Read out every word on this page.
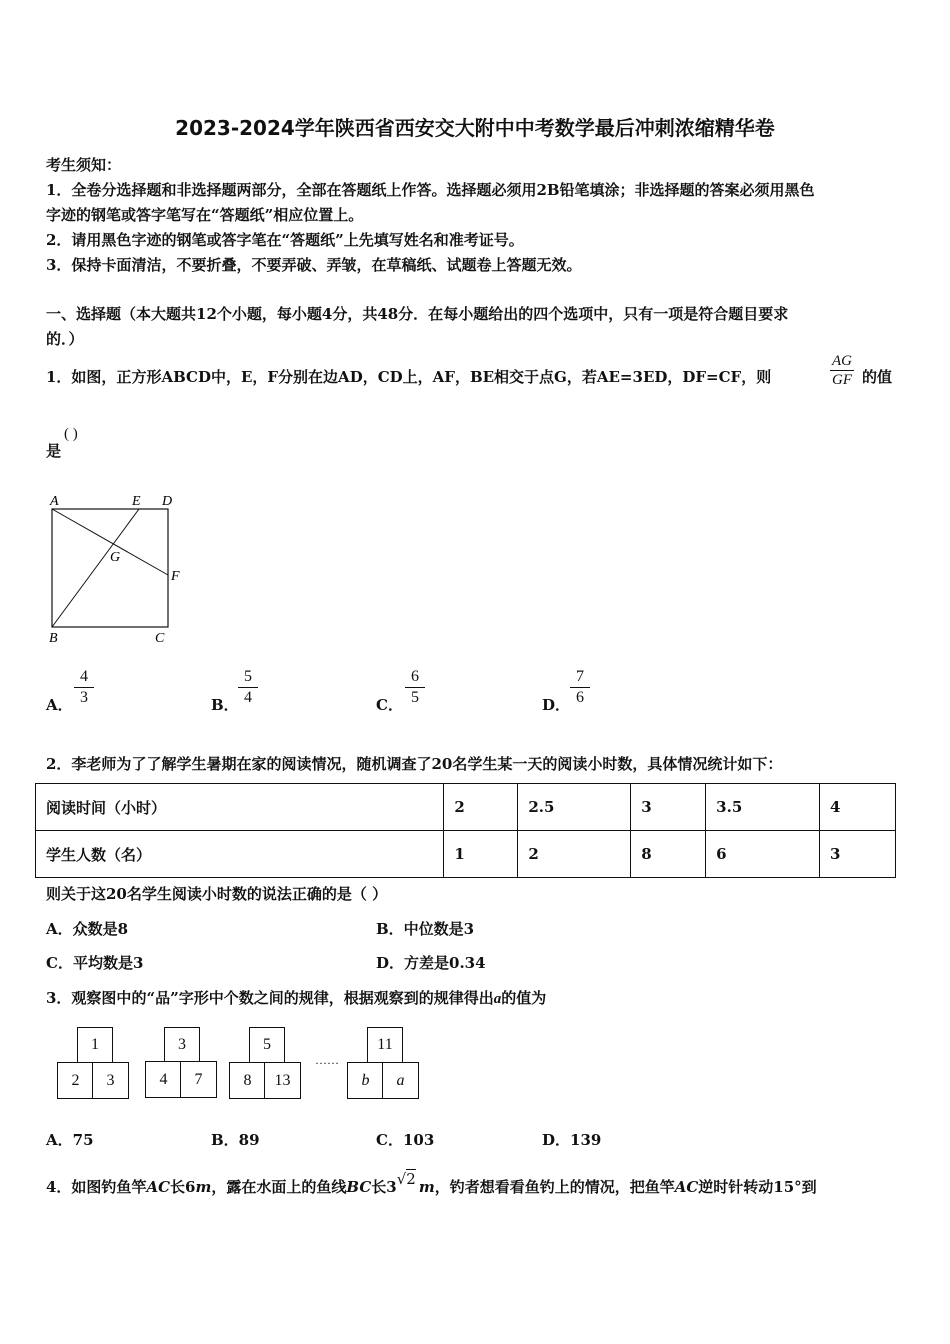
2023-2024学年陕西省西安交大附中中考数学最后冲刺浓缩精华卷
考生须知：
1．全卷分选择题和非选择题两部分，全部在答题纸上作答。选择题必须用2B铅笔填涂；非选择题的答案必须用黑色
字迹的钢笔或答字笔写在“答题纸”相应位置上。
2．请用黑色字迹的钢笔或答字笔在“答题纸”上先填写姓名和准考证号。
3．保持卡面清洁，不要折叠，不要弄破、弄皱，在草稿纸、试题卷上答题无效。
一、选择题（本大题共12个小题，每小题4分，共48分．在每小题给出的四个选项中，只有一项是符合题目要求
的．）
1．如图，正方形ABCD中，E，F分别在边AD，CD上，AF，BE相交于点G，若AE=3ED，DF=CF，则	$\frac{AG}{GF}$ 的值
是
( )
A	E D
G
F
B	C
A． $\frac{4}{3}$	B． $\frac{5}{4}$	C． $\frac{6}{5}$	D． $\frac{7}{6}$
2．李老师为了了解学生暑期在家的阅读情况，随机调查了20名学生某一天的阅读小时数，具体情况统计如下：
阅读时间（小时）	2	2.5	3	3.5	4
学生人数（名）	1	2	8	6	3
则关于这20名学生阅读小时数的说法正确的是（ ）
A．众数是8	B．中位数是3
C．平均数是3	D．方差是0.34
3．观察图中的“品”字形中个数之间的规律，根据观察到的规律得出a的值为
1
2	3
3
4	7
5
8	13
……
11
b	a
A．75	B．89	C．103	D．139
4．如图钓鱼竿AC长6m，露在水面上的鱼线BC长3√2 m，钓者想看看鱼钓上的情况，把鱼竿AC逆时针转动15°到
